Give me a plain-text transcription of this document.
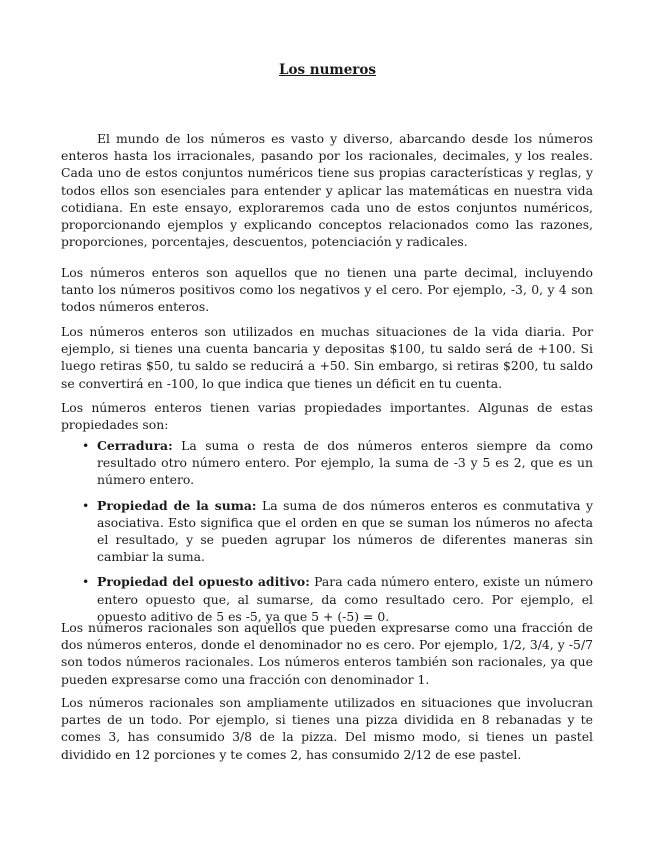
Los numeros

El mundo de los números es vasto y diverso, abarcando desde los números enteros hasta los irracionales, pasando por los racionales, decimales, y los reales. Cada uno de estos conjuntos numéricos tiene sus propias características y reglas, y todos ellos son esenciales para entender y aplicar las matemáticas en nuestra vida cotidiana. En este ensayo, exploraremos cada uno de estos conjuntos numéricos, proporcionando ejemplos y explicando conceptos relacionados como las razones, proporciones, porcentajes, descuentos, potenciación y radicales.

Los números enteros son aquellos que no tienen una parte decimal, incluyendo tanto los números positivos como los negativos y el cero. Por ejemplo, -3, 0, y 4 son todos números enteros.

Los números enteros son utilizados en muchas situaciones de la vida diaria. Por ejemplo, si tienes una cuenta bancaria y depositas $100, tu saldo será de +100. Si luego retiras $50, tu saldo se reducirá a +50. Sin embargo, si retiras $200, tu saldo se convertirá en -100, lo que indica que tienes un déficit en tu cuenta.

Los números enteros tienen varias propiedades importantes. Algunas de estas propiedades son:

• Cerradura: La suma o resta de dos números enteros siempre da como resultado otro número entero. Por ejemplo, la suma de -3 y 5 es 2, que es un número entero.
• Propiedad de la suma: La suma de dos números enteros es conmutativa y asociativa. Esto significa que el orden en que se suman los números no afecta el resultado, y se pueden agrupar los números de diferentes maneras sin cambiar la suma.
• Propiedad del opuesto aditivo: Para cada número entero, existe un número entero opuesto que, al sumarse, da como resultado cero. Por ejemplo, el opuesto aditivo de 5 es -5, ya que 5 + (-5) = 0.

Los números racionales son aquellos que pueden expresarse como una fracción de dos números enteros, donde el denominador no es cero. Por ejemplo, 1/2, 3/4, y -5/7 son todos números racionales. Los números enteros también son racionales, ya que pueden expresarse como una fracción con denominador 1.

Los números racionales son ampliamente utilizados en situaciones que involucran partes de un todo. Por ejemplo, si tienes una pizza dividida en 8 rebanadas y te comes 3, has consumido 3/8 de la pizza. Del mismo modo, si tienes un pastel dividido en 12 porciones y te comes 2, has consumido 2/12 de ese pastel.
